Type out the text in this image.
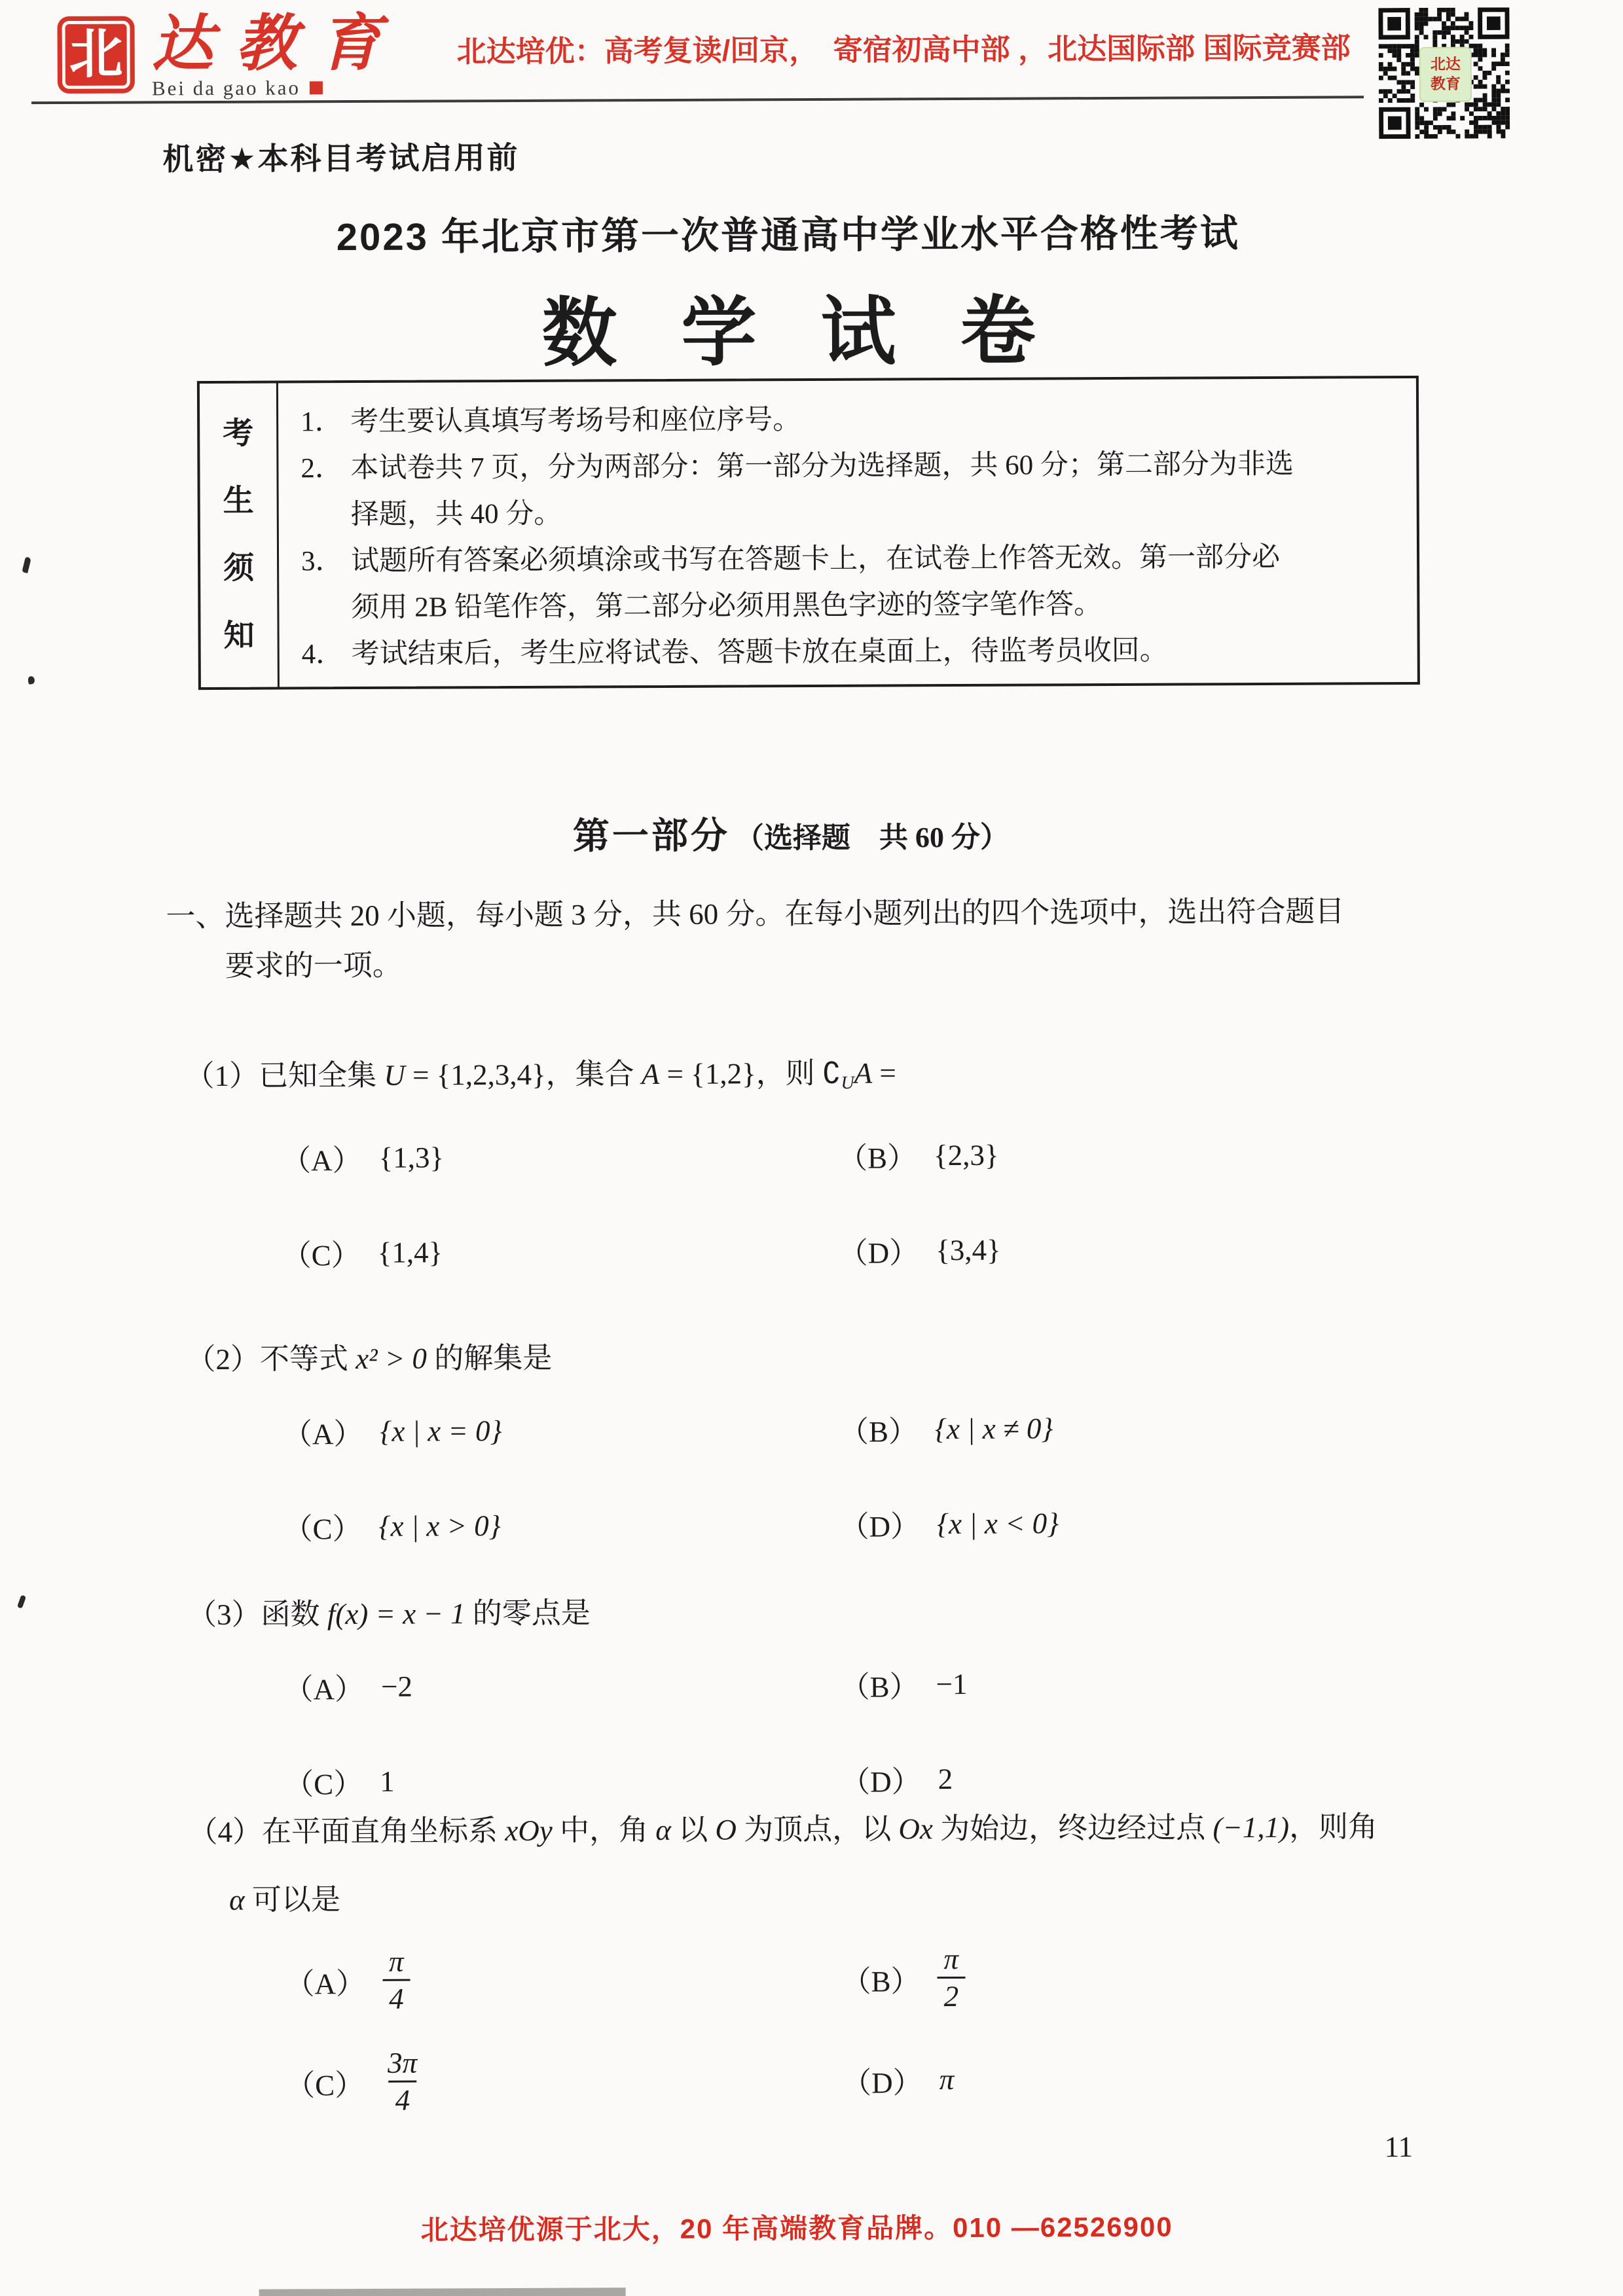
北 达教育
Bei da gao kao
北达培优：高考复读/回京，　寄宿初高中部 ，北达国际部 国际竞赛部	北达
教育
机密★本科目考试启用前
2023 年北京市第一次普通高中学业水平合格性考试
数学试卷
考
生
须
知
1． 考生要认真填写考场号和座位序号。
2． 本试卷共 7 页，分为两部分：第一部分为选择题，共 60 分；第二部分为非选
择题，共 40 分。
3． 试题所有答案必须填涂或书写在答题卡上，在试卷上作答无效。第一部分必
须用 2B 铅笔作答，第二部分必须用黑色字迹的签字笔作答。
4． 考试结束后，考生应将试卷、答题卡放在桌面上，待监考员收回。
第一部分 （选择题　共 60 分）
一、选择题共 20 小题，每小题 3 分，共 60 分。在每小题列出的四个选项中，选出符合题目
要求的一项。
（1）已知全集 U = {1,2,3,4}，集合 A = {1,2}，则 ∁UA =
（A） {1,3}	（B） {2,3}
（C） {1,4}	（D） {3,4}
（2）不等式 x² > 0 的解集是
（A） {x | x = 0}	（B） {x | x ≠ 0}
（C） {x | x > 0}	（D） {x | x < 0}
（3）函数 f(x) = x − 1 的零点是
（A） −2	（B） −1
（C） 1	（D） 2
（4）在平面直角坐标系 xOy 中，角 α 以 O 为顶点，以 Ox 为始边，终边经过点 (−1,1)，则角
α 可以是
$(A) \frac{\pi}{4}$	$(B) \frac{\pi}{2}$
$(C) \frac{3\pi}{4}$	（D） π
11
北达培优源于北大，20 年高端教育品牌。010 —62526900
